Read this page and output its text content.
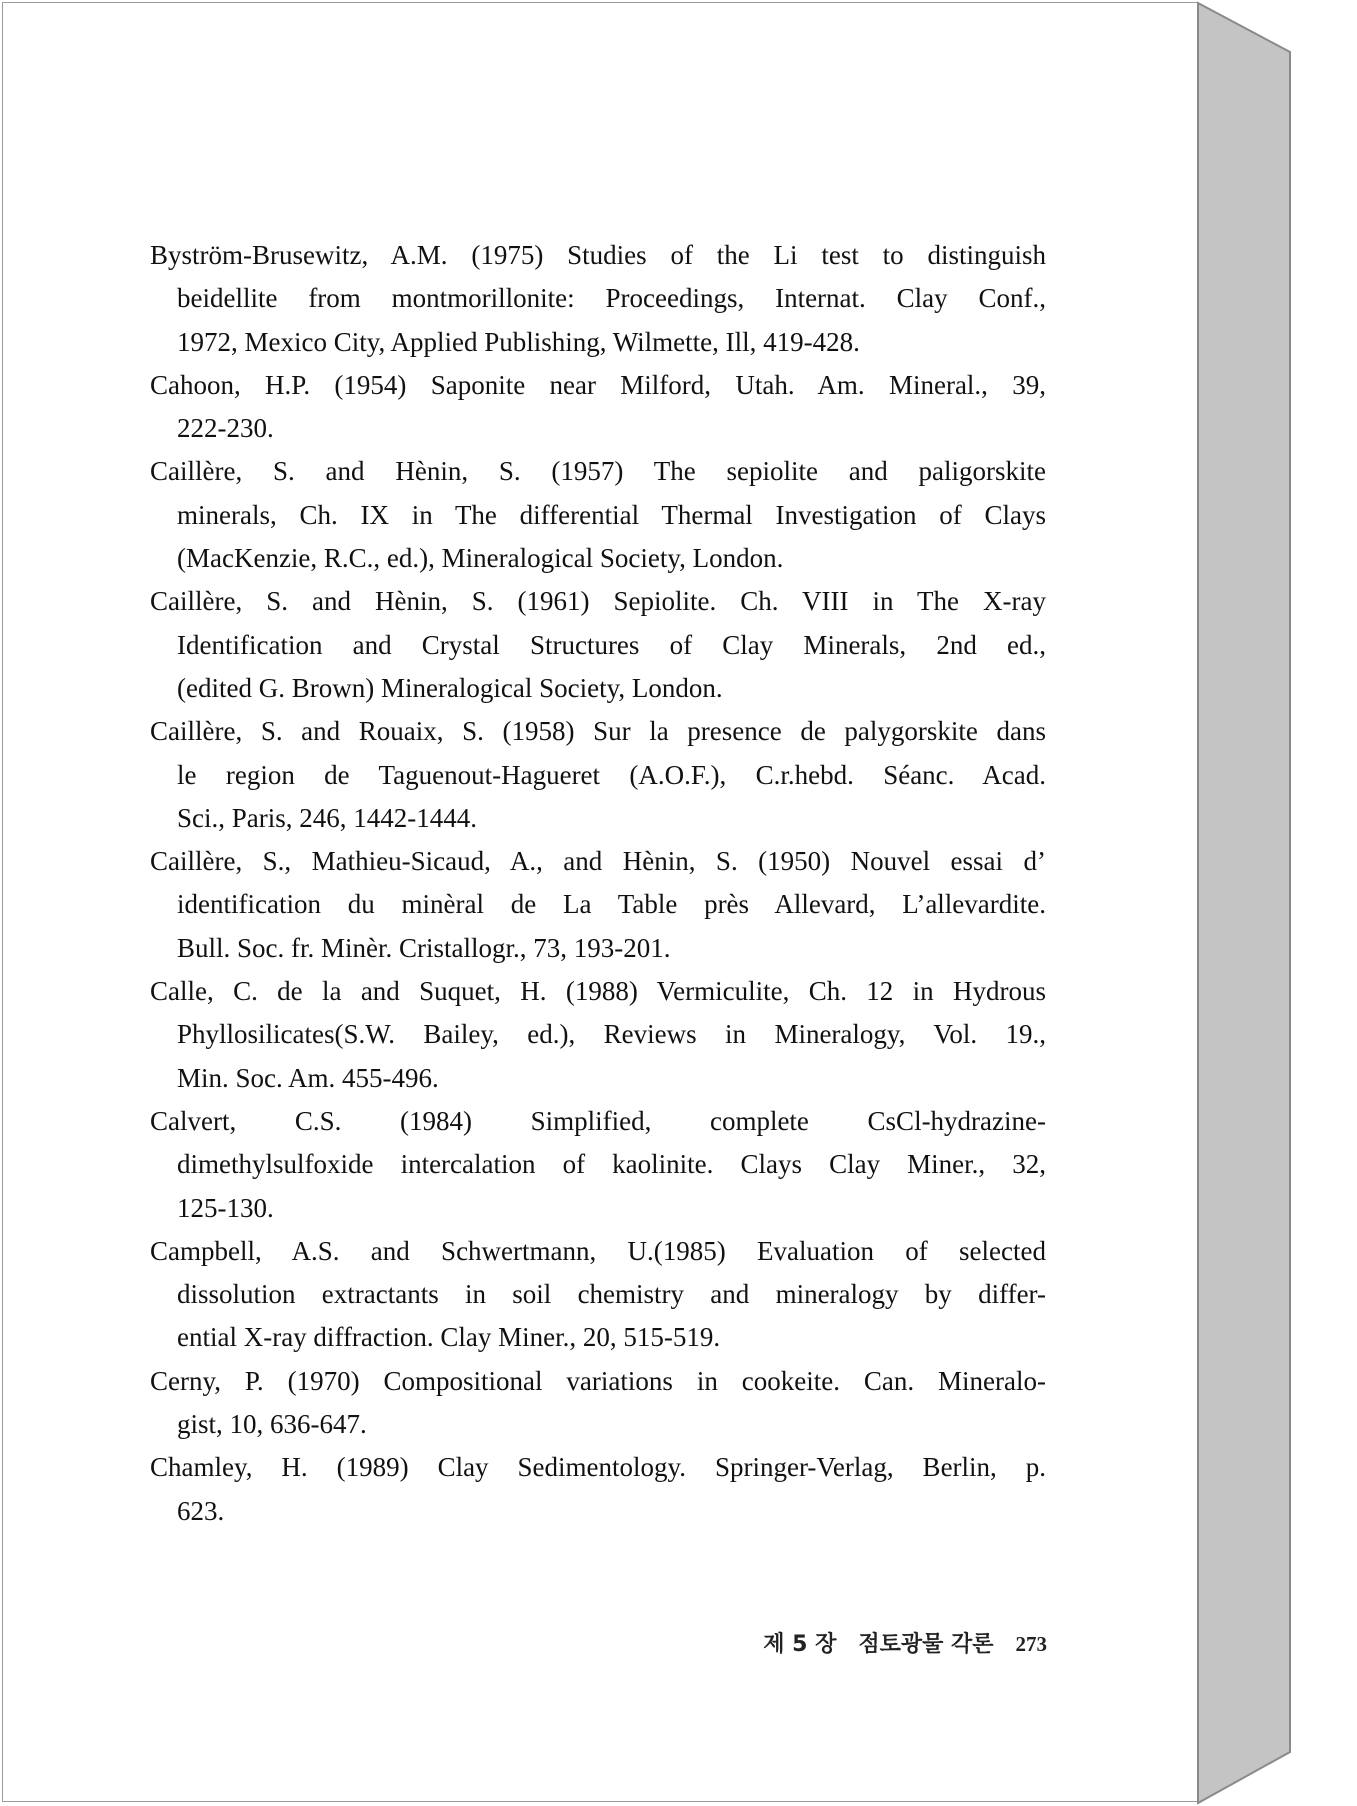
Byström-Brusewitz, A.M. (1975) Studies of the Li test to distinguish
beidellite from montmorillonite: Proceedings, Internat. Clay Conf.,
1972, Mexico City, Applied Publishing, Wilmette, Ill, 419-428.
Cahoon, H.P. (1954) Saponite near Milford, Utah. Am. Mineral., 39,
222-230.
Caillère, S. and Hènin, S. (1957) The sepiolite and paligorskite
minerals, Ch. IX in The differential Thermal Investigation of Clays
(MacKenzie, R.C., ed.), Mineralogical Society, London.
Caillère, S. and Hènin, S. (1961) Sepiolite. Ch. VIII in The X-ray
Identification and Crystal Structures of Clay Minerals, 2nd ed.,
(edited G. Brown) Mineralogical Society, London.
Caillère, S. and Rouaix, S. (1958) Sur la presence de palygorskite dans
le region de Taguenout-Hagueret (A.O.F.), C.r.hebd. Séanc. Acad.
Sci., Paris, 246, 1442-1444.
Caillère, S., Mathieu-Sicaud, A., and Hènin, S. (1950) Nouvel essai d’
identification du minèral de La Table près Allevard, L’allevardite.
Bull. Soc. fr. Minèr. Cristallogr., 73, 193-201.
Calle, C. de la and Suquet, H. (1988) Vermiculite, Ch. 12 in Hydrous
Phyllosilicates(S.W. Bailey, ed.), Reviews in Mineralogy, Vol. 19.,
Min. Soc. Am. 455-496.
Calvert, C.S. (1984) Simplified, complete CsCl-hydrazine-
dimethylsulfoxide intercalation of kaolinite. Clays Clay Miner., 32,
125-130.
Campbell, A.S. and Schwertmann, U.(1985) Evaluation of selected
dissolution extractants in soil chemistry and mineralogy by differ-
ential X-ray diffraction. Clay Miner., 20, 515-519.
Cerny, P. (1970) Compositional variations in cookeite. Can. Mineralo-
gist, 10, 636-647.
Chamley, H. (1989) Clay Sedimentology. Springer-Verlag, Berlin, p.
623.
제 5 장 점토광물 각론 273
